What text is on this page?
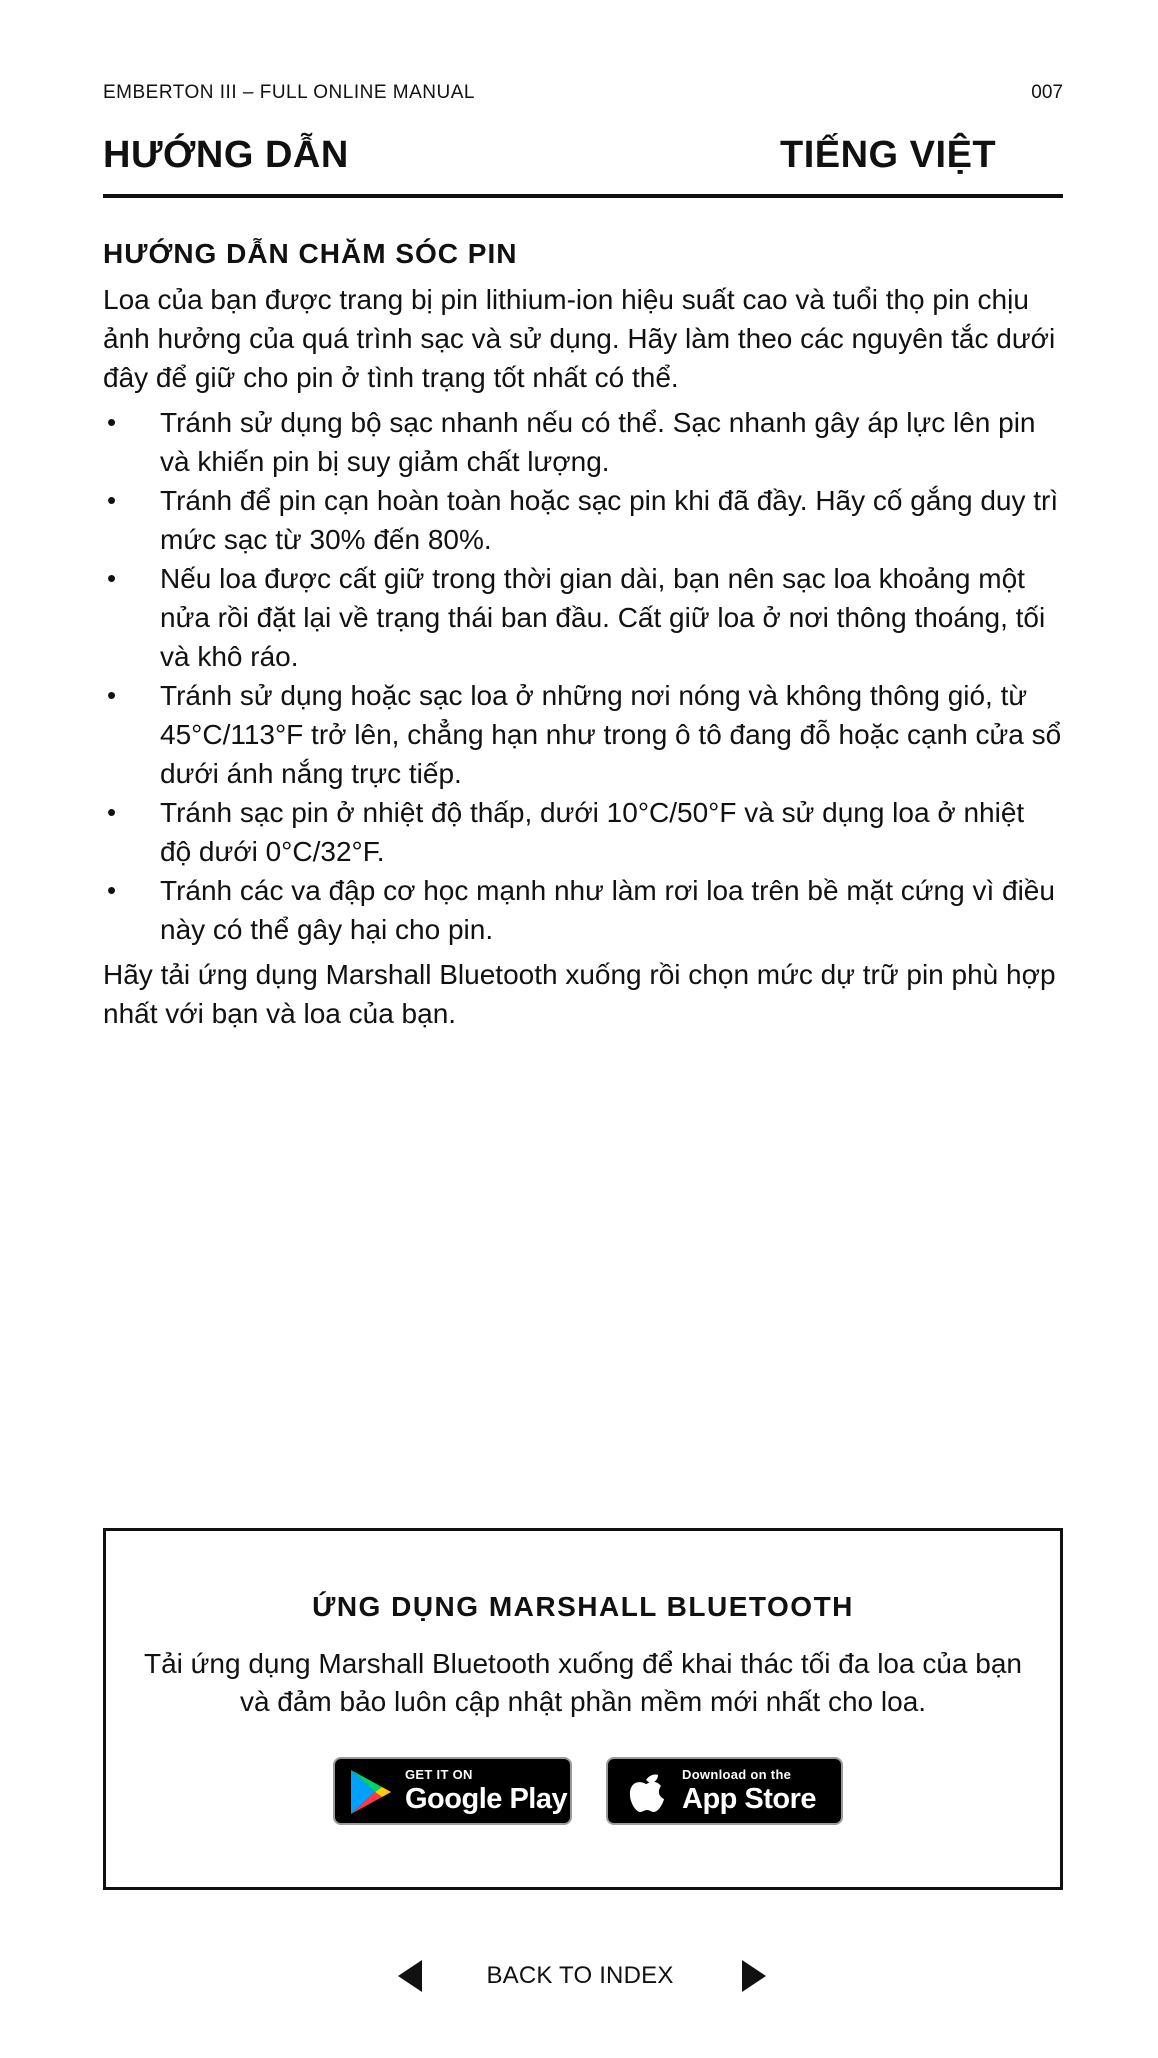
EMBERTON III – FULL ONLINE MANUAL	007
HƯỚNG DẪN	TIẾNG VIỆT
HƯỚNG DẪN CHĂM SÓC PIN

Loa của bạn được trang bị pin lithium-ion hiệu suất cao và tuổi thọ pin chịu ảnh hưởng của quá trình sạc và sử dụng. Hãy làm theo các nguyên tắc dưới đây để giữ cho pin ở tình trạng tốt nhất có thể.

• Tránh sử dụng bộ sạc nhanh nếu có thể. Sạc nhanh gây áp lực lên pin và khiến pin bị suy giảm chất lượng.
• Tránh để pin cạn hoàn toàn hoặc sạc pin khi đã đầy. Hãy cố gắng duy trì mức sạc từ 30% đến 80%.
• Nếu loa được cất giữ trong thời gian dài, bạn nên sạc loa khoảng một nửa rồi đặt lại về trạng thái ban đầu. Cất giữ loa ở nơi thông thoáng, tối và khô ráo.
• Tránh sử dụng hoặc sạc loa ở những nơi nóng và không thông gió, từ 45°C/113°F trở lên, chẳng hạn như trong ô tô đang đỗ hoặc cạnh cửa sổ dưới ánh nắng trực tiếp.
• Tránh sạc pin ở nhiệt độ thấp, dưới 10°C/50°F và sử dụng loa ở nhiệt độ dưới 0°C/32°F.
• Tránh các va đập cơ học mạnh như làm rơi loa trên bề mặt cứng vì điều này có thể gây hại cho pin.

Hãy tải ứng dụng Marshall Bluetooth xuống rồi chọn mức dự trữ pin phù hợp nhất với bạn và loa của bạn.

ỨNG DỤNG MARSHALL BLUETOOTH
Tải ứng dụng Marshall Bluetooth xuống để khai thác tối đa loa của bạn và đảm bảo luôn cập nhật phần mềm mới nhất cho loa.
GET IT ON
Google Play
Download on the
App Store
BACK TO INDEX
